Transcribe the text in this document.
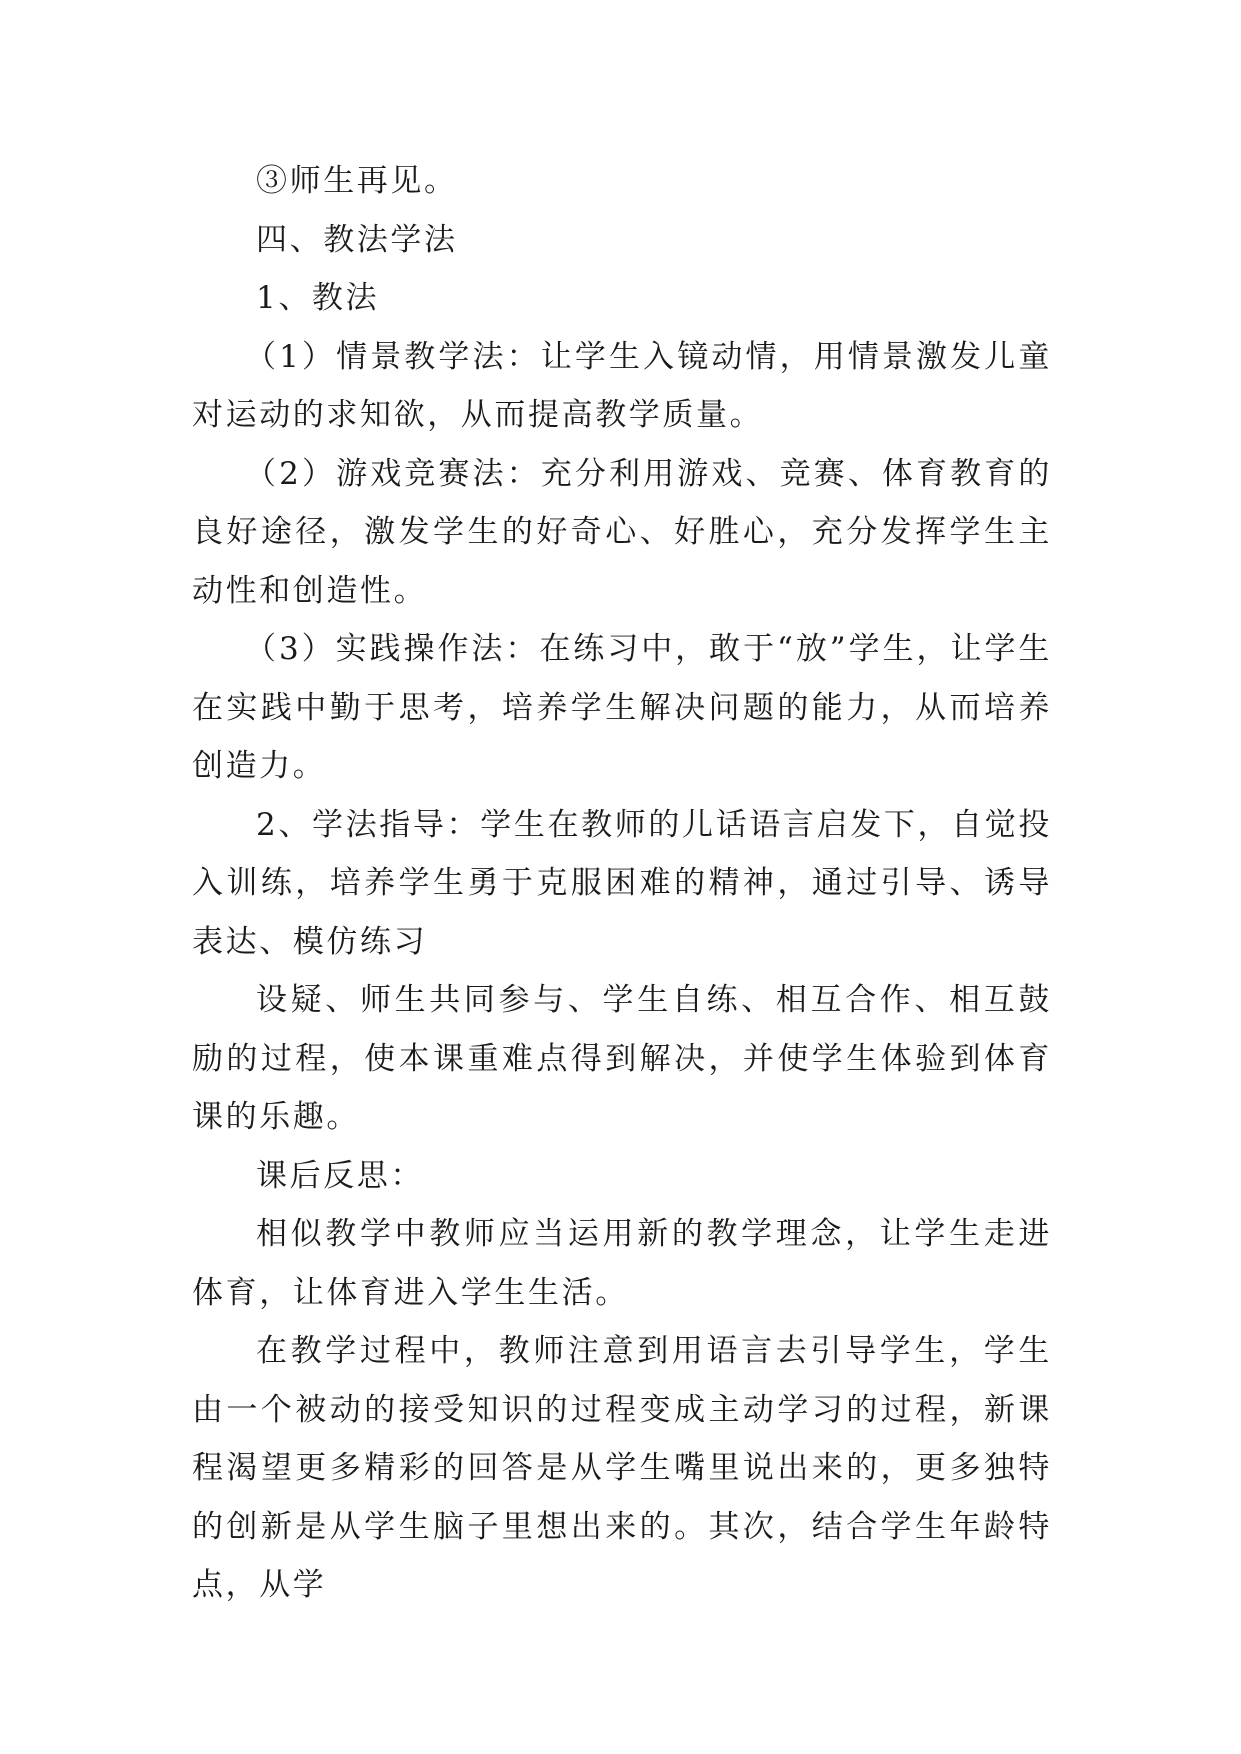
③师生再见。

四、教法学法

1、教法

（1）情景教学法：让学生入镜动情，用情景激发儿童对运动的求知欲，从而提高教学质量。

（2）游戏竞赛法：充分利用游戏、竞赛、体育教育的良好途径，激发学生的好奇心、好胜心，充分发挥学生主动性和创造性。

（3）实践操作法：在练习中，敢于“放”学生，让学生在实践中勤于思考，培养学生解决问题的能力，从而培养创造力。

2、学法指导：学生在教师的儿话语言启发下，自觉投入训练，培养学生勇于克服困难的精神，通过引导、诱导表达、模仿练习

设疑、师生共同参与、学生自练、相互合作、相互鼓励的过程，使本课重难点得到解决，并使学生体验到体育课的乐趣。

课后反思：

相似教学中教师应当运用新的教学理念，让学生走进体育，让体育进入学生生活。

在教学过程中，教师注意到用语言去引导学生，学生由一个被动的接受知识的过程变成主动学习的过程，新课程渴望更多精彩的回答是从学生嘴里说出来的，更多独特的创新是从学生脑子里想出来的。其次，结合学生年龄特点，从学
